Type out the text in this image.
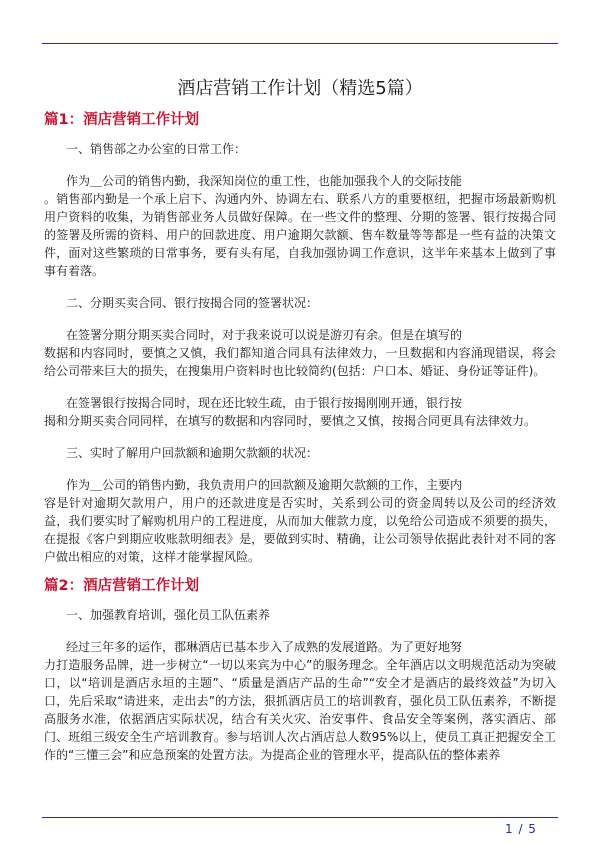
酒店营销工作计划（精选5篇）
篇1：酒店营销工作计划

一、销售部之办公室的日常工作：

作为＿公司的销售内勤，我深知岗位的重工性，也能加强我个人的交际技能
。销售部内勤是一个承上启下、沟通内外、协调左右、联系八方的重要枢纽，把握市场最新购机用户资料的收集，为销售部业务人员做好保障。在一些文件的整理、分期的签署、银行按揭合同的签署及所需的资料、用户的回款进度、用户逾期欠款额、售车数量等等都是一些有益的决策文件，面对这些繁琐的日常事务，要有头有尾，自我加强协调工作意识，这半年来基本上做到了事事有着落。

二、分期买卖合同、银行按揭合同的签署状况：

在签署分期分期买卖合同时，对于我来说可以说是游刃有余。但是在填写的
数据和内容同时，要慎之又慎，我们都知道合同具有法律效力，一旦数据和内容涌现错误，将会给公司带来巨大的损失，在搜集用户资料时也比较简约(包括：户口本、婚证、身份证等证件)。
在签署银行按揭合同时，现在还比较生疏，由于银行按揭刚刚开通，银行按
揭和分期买卖合同同样，在填写的数据和内容同时，要慎之又慎，按揭合同更具有法律效力。

三、实时了解用户回款额和逾期欠款额的状况：

作为＿公司的销售内勤，我负责用户的回款额及逾期欠款额的工作，主要内
容是针对逾期欠款用户，用户的还款进度是否实时，关系到公司的资金周转以及公司的经济效益，我们要实时了解购机用户的工程进度，从而加大催款力度，以免给公司造成不须要的损失，在提报《客户到期应收账款明细表》是，要做到实时、精确，让公司领导依据此表针对不同的客户做出相应的对策，这样才能掌握风险。
篇2：酒店营销工作计划

一、加强教育培训，强化员工队伍素养

经过三年多的运作，郡琳酒店已基本步入了成熟的发展道路。为了更好地努
力打造服务品牌，进一步树立“一切以来宾为中心”的服务理念。全年酒店以文明规范活动为突破口，以“培训是酒店永垣的主题”、“质量是酒店产品的生命”“安全才是酒店的最终效益”为切入口，先后采取“请进来，走出去”的方法，狠抓酒店员工的培训教育，强化员工队伍素养，不断提高服务水准，依据酒店实际状况，结合有关火灾、治安事件、食品安全等案例，落实酒店、部门、班组三级安全生产培训教育。参与培训人次占酒店总人数95%以上，使员工真正把握安全工作的“三懂三会”和应急预案的处置方法。为提高企业的管理水平，提高队伍的整体素养
1 / 5
